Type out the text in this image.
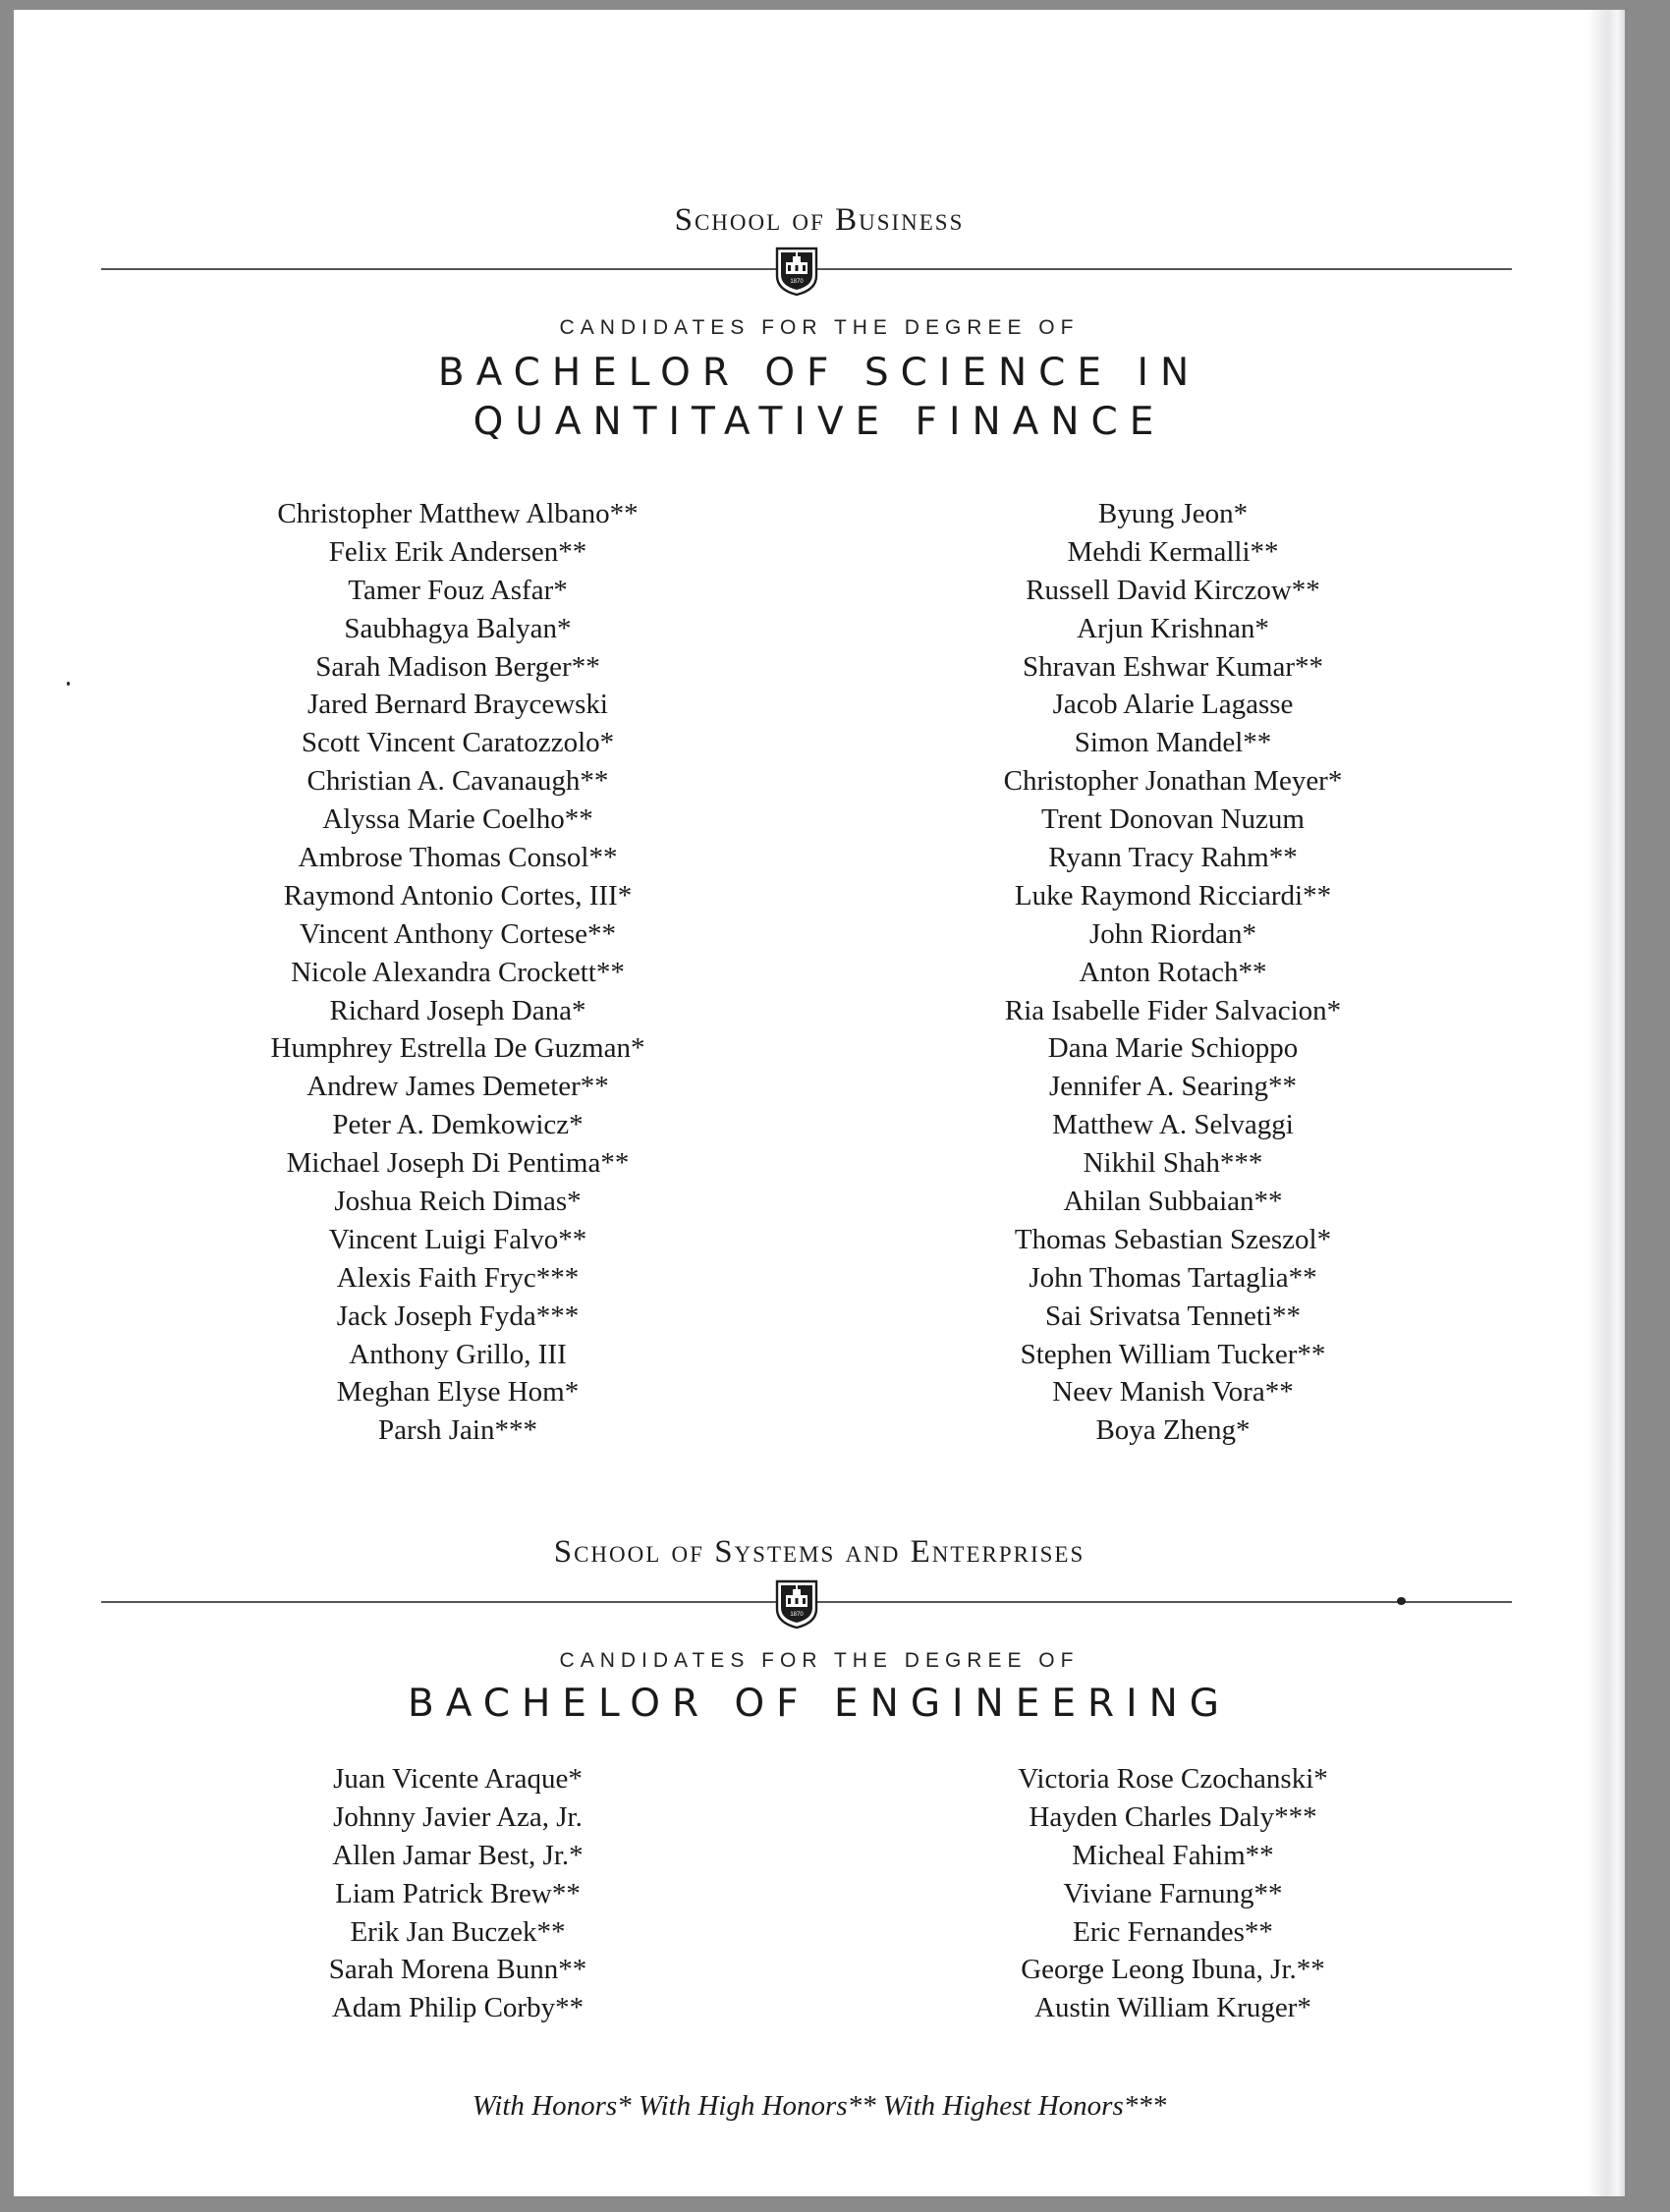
School of Business
1870
CANDIDATES FOR THE DEGREE OF
BACHELOR OF SCIENCE IN
QUANTITATIVE FINANCE
Christopher Matthew Albano**
Felix Erik Andersen**
Tamer Fouz Asfar*
Saubhagya Balyan*
Sarah Madison Berger**
Jared Bernard Braycewski
Scott Vincent Caratozzolo*
Christian A. Cavanaugh**
Alyssa Marie Coelho**
Ambrose Thomas Consol**
Raymond Antonio Cortes, III*
Vincent Anthony Cortese**
Nicole Alexandra Crockett**
Richard Joseph Dana*
Humphrey Estrella De Guzman*
Andrew James Demeter**
Peter A. Demkowicz*
Michael Joseph Di Pentima**
Joshua Reich Dimas*
Vincent Luigi Falvo**
Alexis Faith Fryc***
Jack Joseph Fyda***
Anthony Grillo, III
Meghan Elyse Hom*
Parsh Jain***
Byung Jeon*
Mehdi Kermalli**
Russell David Kirczow**
Arjun Krishnan*
Shravan Eshwar Kumar**
Jacob Alarie Lagasse
Simon Mandel**
Christopher Jonathan Meyer*
Trent Donovan Nuzum
Ryann Tracy Rahm**
Luke Raymond Ricciardi**
John Riordan*
Anton Rotach**
Ria Isabelle Fider Salvacion*
Dana Marie Schioppo
Jennifer A. Searing**
Matthew A. Selvaggi
Nikhil Shah***
Ahilan Subbaian**
Thomas Sebastian Szeszol*
John Thomas Tartaglia**
Sai Srivatsa Tenneti**
Stephen William Tucker**
Neev Manish Vora**
Boya Zheng*
School of Systems and Enterprises
1870
CANDIDATES FOR THE DEGREE OF
BACHELOR OF ENGINEERING
Juan Vicente Araque*
Johnny Javier Aza, Jr.
Allen Jamar Best, Jr.*
Liam Patrick Brew**
Erik Jan Buczek**
Sarah Morena Bunn**
Adam Philip Corby**
Victoria Rose Czochanski*
Hayden Charles Daly***
Micheal Fahim**
Viviane Farnung**
Eric Fernandes**
George Leong Ibuna, Jr.**
Austin William Kruger*
With Honors* With High Honors** With Highest Honors***
